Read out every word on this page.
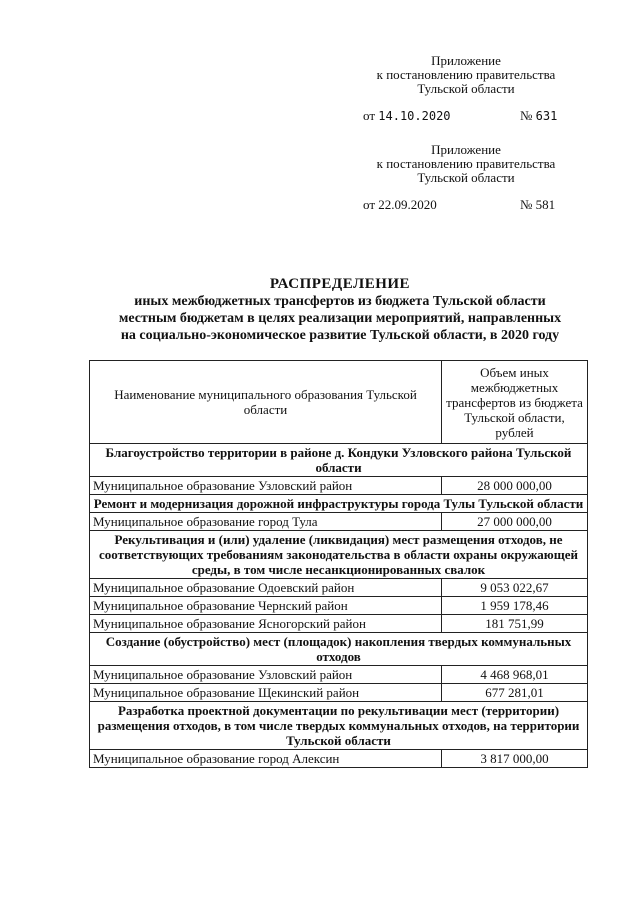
Приложение
к постановлению правительства
Тульской области
от 14.10.2020	№ 631
Приложение
к постановлению правительства
Тульской области
от 22.09.2020	№ 581
РАСПРЕДЕЛЕНИЕ
иных межбюджетных трансфертов из бюджета Тульской области
местным бюджетам в целях реализации мероприятий, направленных
на социально-экономическое развитие Тульской области, в 2020 году
Наименование муниципального образования Тульской области	Объем иных межбюджетных трансфертов из бюджета Тульской области, рублей
Благоустройство территории в районе д. Кондуки Узловского района Тульской области	
Муниципальное образование Узловский район	28 000 000,00
Ремонт и модернизация дорожной инфраструктуры города Тулы Тульской области	
Муниципальное образование город Тула	27 000 000,00
Рекультивация и (или) удаление (ликвидация) мест размещения отходов, не соответствующих требованиям законодательства в области охраны окружающей среды, в том числе несанкционированных свалок	
Муниципальное образование Одоевский район	9 053 022,67
Муниципальное образование Чернский район	1 959 178,46
Муниципальное образование Ясногорский район	181 751,99
Создание (обустройство) мест (площадок) накопления твердых коммунальных отходов	
Муниципальное образование Узловский район	4 468 968,01
Муниципальное образование Щекинский район	677 281,01
Разработка проектной документации по рекультивации мест (территории) размещения отходов, в том числе твердых коммунальных отходов, на территории Тульской области	
Муниципальное образование город Алексин	3 817 000,00
